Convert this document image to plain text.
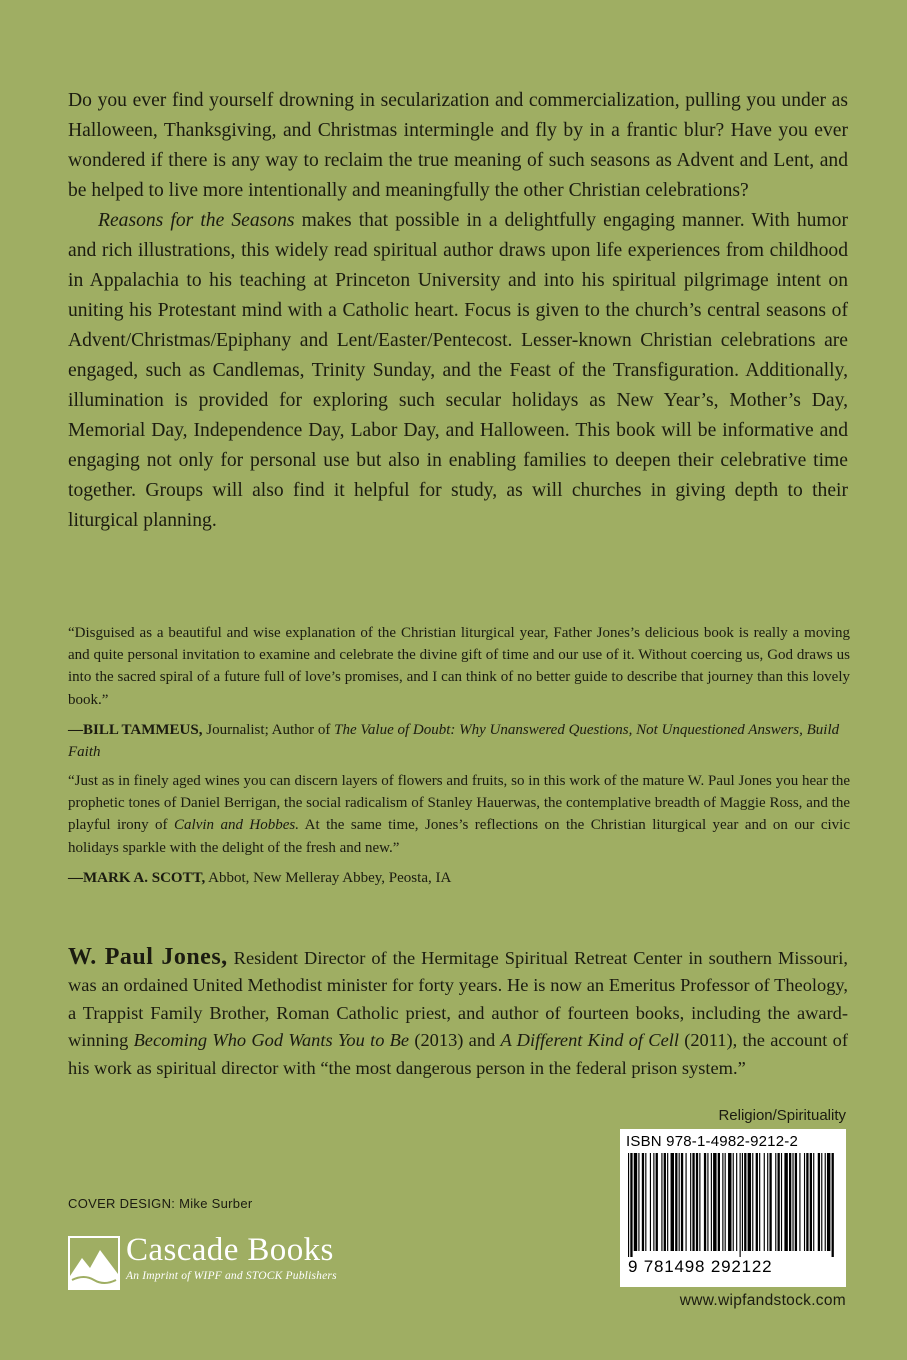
Do you ever find yourself drowning in secularization and commercialization, pulling you under as Halloween, Thanksgiving, and Christmas intermingle and fly by in a frantic blur? Have you ever wondered if there is any way to reclaim the true meaning of such seasons as Advent and Lent, and be helped to live more intentionally and meaningfully the other Christian celebrations?

Reasons for the Seasons makes that possible in a delightfully engaging manner. With humor and rich illustrations, this widely read spiritual author draws upon life experiences from childhood in Appalachia to his teaching at Princeton University and into his spiritual pilgrimage intent on uniting his Protestant mind with a Catholic heart. Focus is given to the church’s central seasons of Advent/Christmas/Epiphany and Lent/Easter/Pentecost. Lesser-known Christian celebrations are engaged, such as Candlemas, Trinity Sunday, and the Feast of the Transfiguration. Additionally, illumination is provided for exploring such secular holidays as New Year’s, Mother’s Day, Memorial Day, Independence Day, Labor Day, and Halloween. This book will be informative and engaging not only for personal use but also in enabling families to deepen their celebrative time together. Groups will also find it helpful for study, as will churches in giving depth to their liturgical planning.

“Disguised as a beautiful and wise explanation of the Christian liturgical year, Father Jones’s delicious book is really a moving and quite personal invitation to examine and celebrate the divine gift of time and our use of it. Without coercing us, God draws us into the sacred spiral of a future full of love’s promises, and I can think of no better guide to describe that journey than this lovely book.”

—BILL TAMMEUS, Journalist; Author of The Value of Doubt: Why Unanswered Questions, Not Unquestioned Answers, Build Faith

“Just as in finely aged wines you can discern layers of flowers and fruits, so in this work of the mature W. Paul Jones you hear the prophetic tones of Daniel Berrigan, the social radicalism of Stanley Hauerwas, the contemplative breadth of Maggie Ross, and the playful irony of Calvin and Hobbes. At the same time, Jones’s reflections on the Christian liturgical year and on our civic holidays sparkle with the delight of the fresh and new.”

—MARK A. SCOTT, Abbot, New Melleray Abbey, Peosta, IA

W. Paul Jones, Resident Director of the Hermitage Spiritual Retreat Center in southern Missouri, was an ordained United Methodist minister for forty years. He is now an Emeritus Professor of Theology, a Trappist Family Brother, Roman Catholic priest, and author of fourteen books, including the award-winning Becoming Who God Wants You to Be (2013) and A Different Kind of Cell (2011), the account of his work as spiritual director with “the most dangerous person in the federal prison system.”

Religion/Spirituality
ISBN 978-1-4982-9212-2
9 781498 292122
www.wipfandstock.com
COVER DESIGN: Mike Surber
Cascade Books
An Imprint of WIPF and STOCK Publishers
